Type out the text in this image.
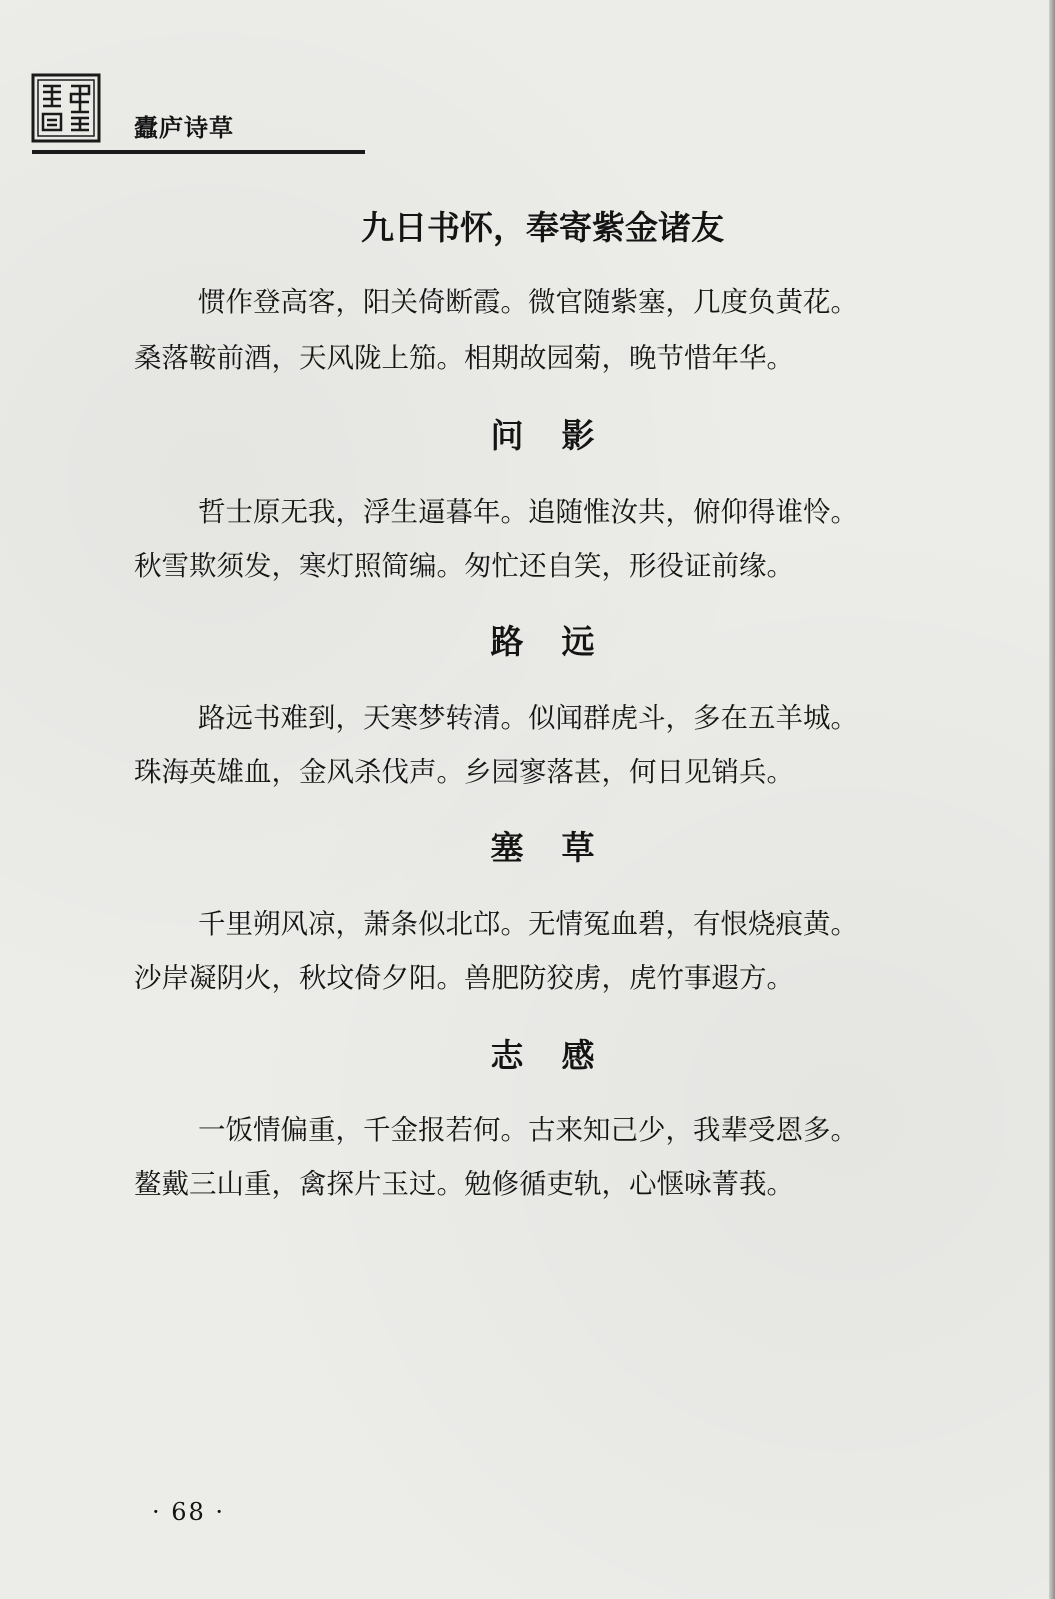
蠹庐诗草
九日书怀，奉寄紫金诸友
惯作登高客，阳关倚断霞。微官随紫塞，几度负黄花。
桑落鞍前酒，天风陇上笳。相期故园菊，晚节惜年华。
问影
哲士原无我，浮生逼暮年。追随惟汝共，俯仰得谁怜。
秋雪欺须发，寒灯照简编。匆忙还自笑，形役证前缘。
路远
路远书难到，天寒梦转清。似闻群虎斗，多在五羊城。
珠海英雄血，金风杀伐声。乡园寥落甚，何日见销兵。
塞草
千里朔风凉，萧条似北邙。无情冤血碧，有恨烧痕黄。
沙岸凝阴火，秋坟倚夕阳。兽肥防狡虏，虎竹事遐方。
志感
一饭情偏重，千金报若何。古来知己少，我辈受恩多。
鳌戴三山重，禽探片玉过。勉修循吏轨，心惬咏菁莪。
· 68 ·
